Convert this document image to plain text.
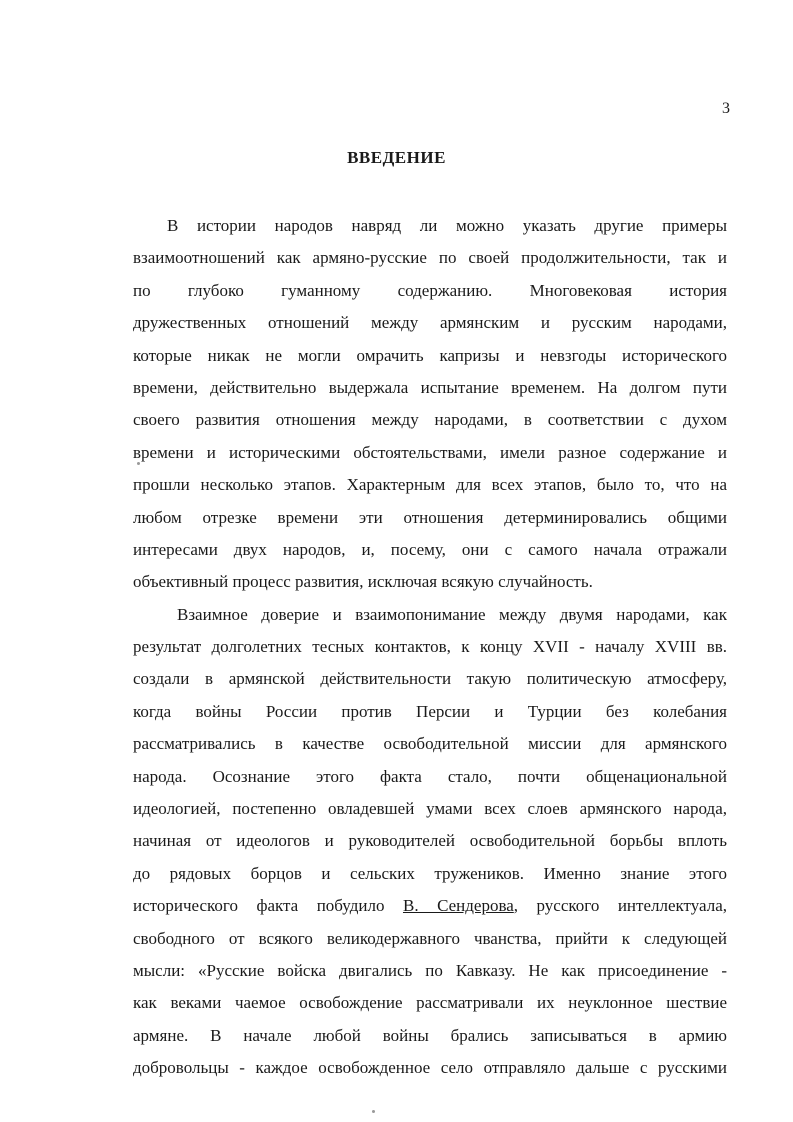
3
ВВЕДЕНИЕ
В истории народов навряд ли можно указать другие примеры
взаимоотношений как армяно-русские по своей продолжительности, так и
по глубоко гуманному содержанию. Многовековая история
дружественных отношений между армянским и русским народами,
которые никак не могли омрачить капризы и невзгоды исторического
времени, действительно выдержала испытание временем. На долгом пути
своего развития отношения между народами, в соответствии с духом
времени и историческими обстоятельствами, имели разное содержание и
прошли несколько этапов. Характерным для всех этапов, было то, что на
любом отрезке времени эти отношения детерминировались общими
интересами двух народов, и, посему, они с самого начала отражали
объективный процесс развития, исключая всякую случайность.
Взаимное доверие и взаимопонимание между двумя народами, как
результат долголетних тесных контактов, к концу XVII - началу XVIII вв.
создали в армянской действительности такую политическую атмосферу,
когда войны России против Персии и Турции без колебания
рассматривались в качестве освободительной миссии для армянского
народа. Осознание этого факта стало, почти общенациональной
идеологией, постепенно овладевшей умами всех слоев армянского народа,
начиная от идеологов и руководителей освободительной борьбы вплоть
до рядовых борцов и сельских тружеников. Именно знание этого
исторического факта побудило В. Сендерова, русского интеллектуала,
свободного от всякого великодержавного чванства, прийти к следующей
мысли: «Русские войска двигались по Кавказу. Не как присоединение -
как веками чаемое освобождение рассматривали их неуклонное шествие
армяне. В начале любой войны брались записываться в армию
добровольцы - каждое освобожденное село отправляло дальше с русскими
